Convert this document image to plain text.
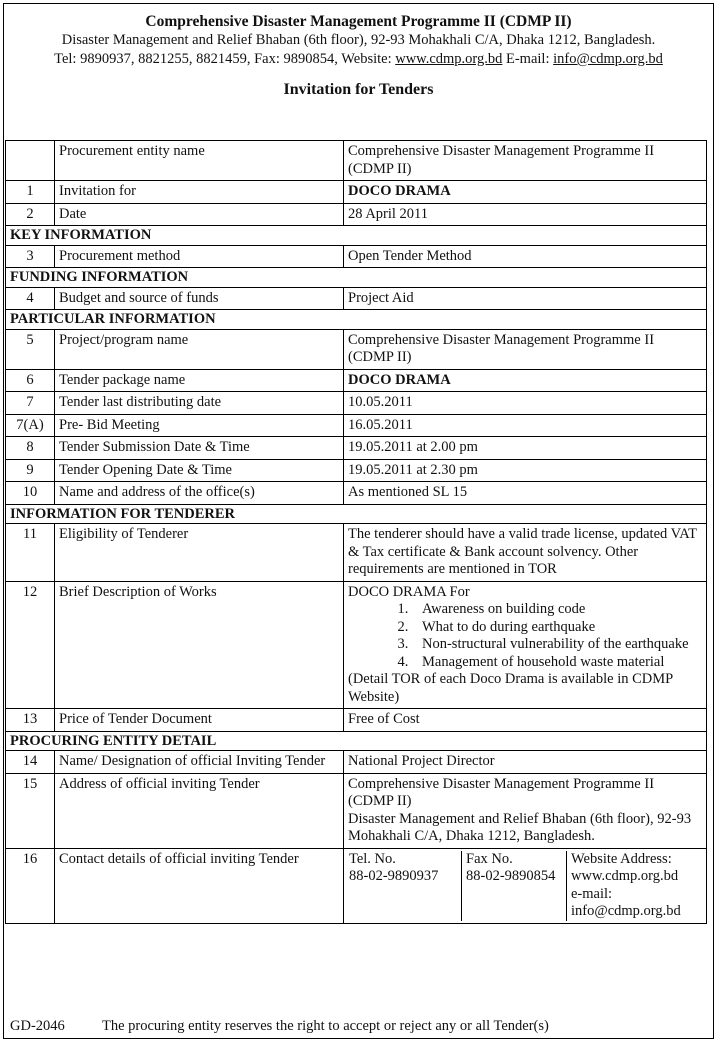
Comprehensive Disaster Management Programme II (CDMP II)
Disaster Management and Relief Bhaban (6th floor), 92-93 Mohakhali C/A, Dhaka 1212, Bangladesh.
Tel: 9890937, 8821255, 8821459, Fax: 9890854, Website: www.cdmp.org.bd E-mail: info@cdmp.org.bd
Invitation for Tenders
	Procurement entity name	Comprehensive Disaster Management Programme II (CDMP II)
1	Invitation for	DOCO DRAMA
2	Date	28 April 2011
KEY INFORMATION
3	Procurement method	Open Tender Method
FUNDING INFORMATION
4	Budget and source of funds	Project Aid
PARTICULAR INFORMATION
5	Project/program name	Comprehensive Disaster Management Programme II (CDMP II)
6	Tender package name	DOCO DRAMA
7	Tender last distributing date	10.05.2011
7(A)	Pre- Bid Meeting	16.05.2011
8	Tender Submission Date & Time	19.05.2011 at 2.00 pm
9	Tender Opening Date & Time	19.05.2011 at 2.30 pm
10	Name and address of the office(s)	As mentioned SL 15
INFORMATION FOR TENDERER
11	Eligibility of Tenderer	The tenderer should have a valid trade license, updated VAT & Tax certificate & Bank account solvency. Other requirements are mentioned in TOR
12	Brief Description of Works	DOCO DRAMA For
1. Awareness on building code
2. What to do during earthquake
3. Non-structural vulnerability of the earthquake
4. Management of household waste material
(Detail TOR of each Doco Drama is available in CDMP Website)

13	Price of Tender Document	Free of Cost
PROCURING ENTITY DETAIL
14	Name/ Designation of official Inviting Tender	National Project Director
15	Address of official inviting Tender	Comprehensive Disaster Management Programme II (CDMP II)
Disaster Management and Relief Bhaban (6th floor), 92-93 Mohakhali C/A, Dhaka 1212, Bangladesh.

16	Contact details of official inviting Tender		Tel. No.
88-02-9890937

Fax No.
88-02-9890854

Website Address:
www.cdmp.org.bd
e-mail:
info@cdmp.org.bd
GD-2046	The procuring entity reserves the right to accept or reject any or all Tender(s)
